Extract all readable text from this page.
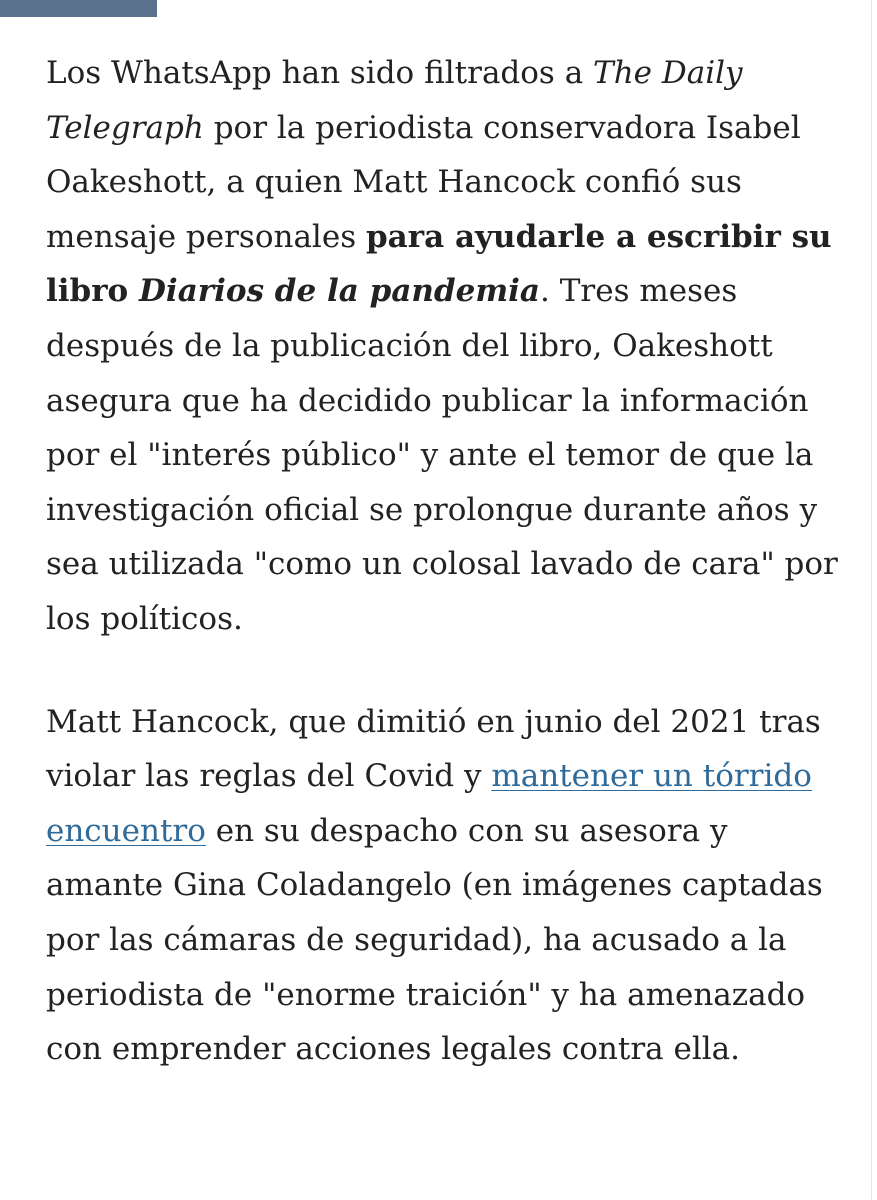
Los WhatsApp han sido filtrados a The Daily Telegraph por la periodista conservadora Isabel Oakeshott, a quien Matt Hancock confió sus mensaje personales para ayudarle a escribir su libro Diarios de la pandemia. Tres meses después de la publicación del libro, Oakeshott asegura que ha decidido publicar la información por el "interés público" y ante el temor de que la investigación oficial se prolongue durante años y sea utilizada "como un colosal lavado de cara" por los políticos.

Matt Hancock, que dimitió en junio del 2021 tras violar las reglas del Covid y mantener un tórrido encuentro en su despacho con su asesora y amante Gina Coladangelo (en imágenes captadas por las cámaras de seguridad), ha acusado a la periodista de "enorme traición" y ha amenazado con emprender acciones legales contra ella.
